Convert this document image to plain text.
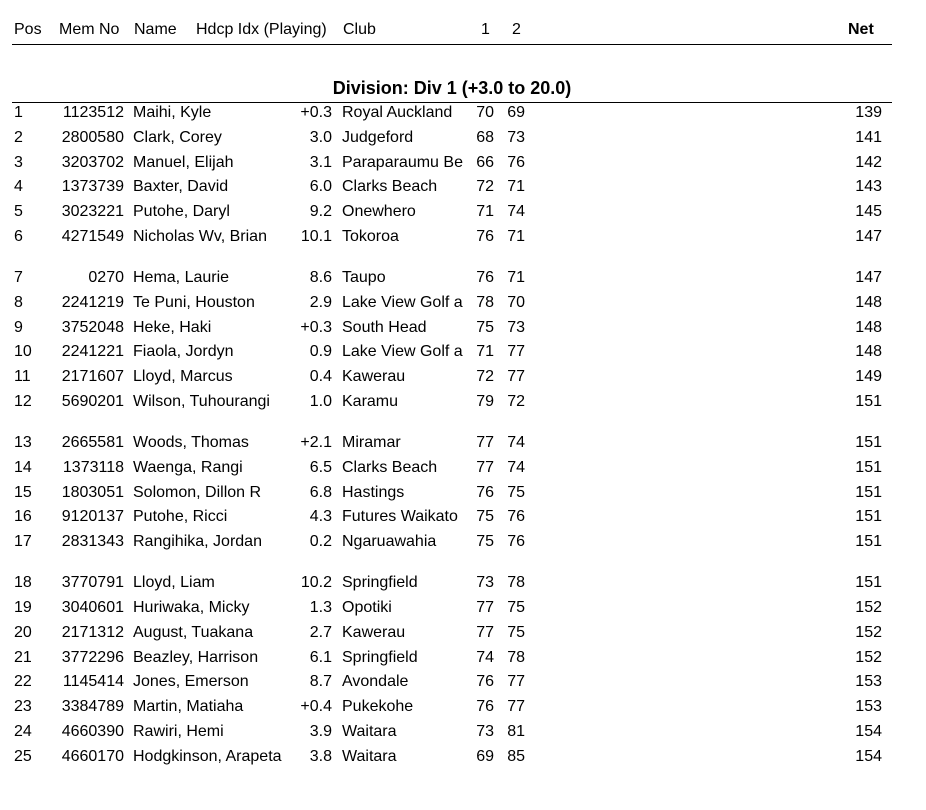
Pos Mem No Name Hdcp Idx (Playing) Club	1 2	Net
Division: Div 1 (+3.0 to 20.0)
1	1123512 Maihi, Kyle	+0.3 Royal Auckland	70 69	139
2	2800580 Clark, Corey	3.0 Judgeford	68 73	141
3	3203702 Manuel, Elijah	3.1 Paraparaumu Be 66 76	142
4	1373739 Baxter, David	6.0 Clarks Beach	72 71	143
5	3023221 Putohe, Daryl	9.2 Onewhero	71 74	145
6	4271549 Nicholas Wv, Brian	10.1 Tokoroa	76 71	147
7	0270 Hema, Laurie	8.6 Taupo	76 71	147
8	2241219 Te Puni, Houston	2.9 Lake View Golf a 78 70	148
9	3752048 Heke, Haki	+0.3 South Head	75 73	148
10	2241221 Fiaola, Jordyn	0.9 Lake View Golf a 71 77	148
11	2171607 Lloyd, Marcus	0.4 Kawerau	72 77	149
12	5690201 Wilson, Tuhourangi	1.0 Karamu	79 72	151
13	2665581 Woods, Thomas	+2.1 Miramar	77 74	151
14	1373118 Waenga, Rangi	6.5 Clarks Beach	77 74	151
15	1803051 Solomon, Dillon R	6.8 Hastings	76 75	151
16	9120137 Putohe, Ricci	4.3 Futures Waikato	75 76	151
17	2831343 Rangihika, Jordan	0.2 Ngaruawahia	75 76	151
18	3770791 Lloyd, Liam	10.2 Springfield	73 78	151
19	3040601 Huriwaka, Micky	1.3 Opotiki	77 75	152
20	2171312 August, Tuakana	2.7 Kawerau	77 75	152
21	3772296 Beazley, Harrison	6.1 Springfield	74 78	152
22	1145414 Jones, Emerson	8.7 Avondale	76 77	153
23	3384789 Martin, Matiaha	+0.4 Pukekohe	76 77	153
24	4660390 Rawiri, Hemi	3.9 Waitara	73 81	154
25	4660170 Hodgkinson, Arapeta	3.8 Waitara	69 85	154
